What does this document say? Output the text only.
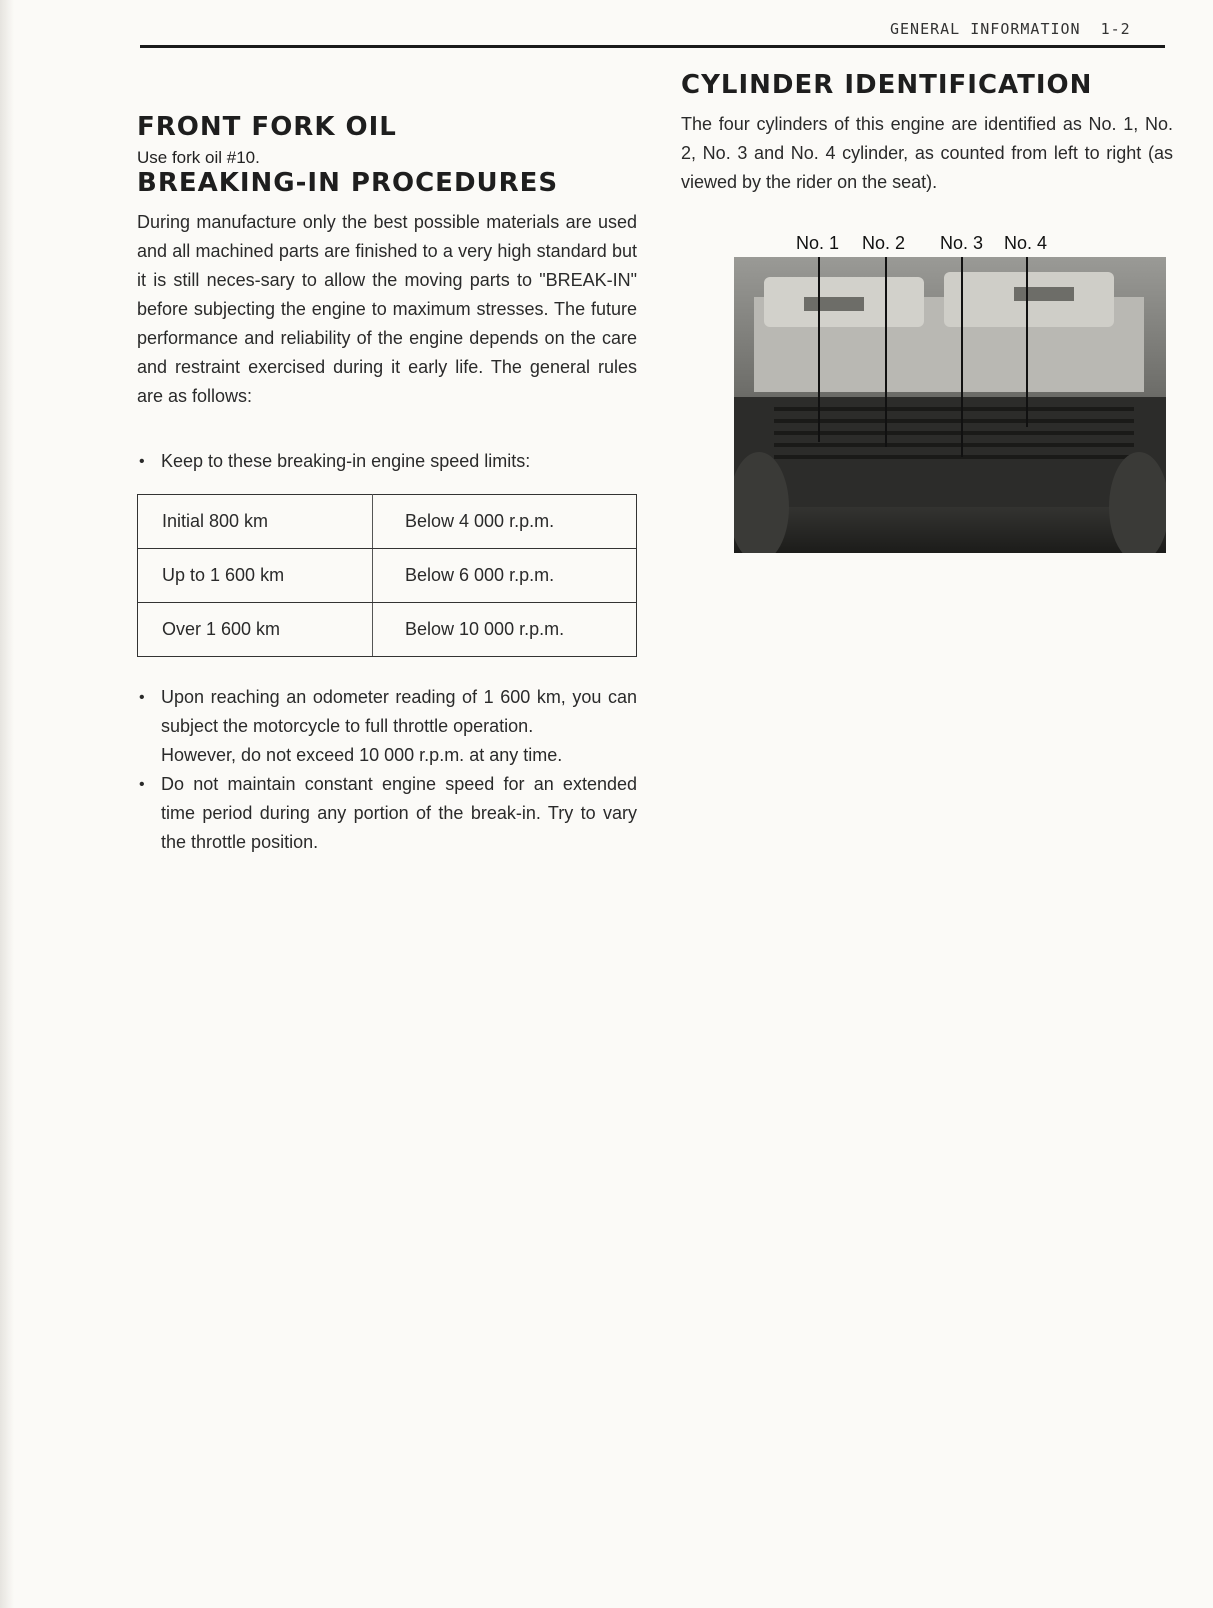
GENERAL INFORMATION 1-2
FRONT FORK OIL
Use fork oil #10.
BREAKING-IN PROCEDURES

During manufacture only the best possible materials are used and all machined parts are finished to a very high standard but it is still neces-sary to allow the moving parts to "BREAK-IN" before subjecting the engine to maximum stresses. The future performance and reliability of the engine depends on the care and restraint exercised during it early life. The general rules are as follows:

• Keep to these breaking-in engine speed limits:
Initial 800 km	Below 4 000 r.p.m.
Up to 1 600 km	Below 6 000 r.p.m.
Over 1 600 km	Below 10 000 r.p.m.
• Upon reaching an odometer reading of 1 600 km, you can subject the motorcycle to full throttle operation.
However, do not exceed 10 000 r.p.m. at any time.
• Do not maintain constant engine speed for an extended time period during any portion of the break-in. Try to vary the throttle position.
CYLINDER IDENTIFICATION

The four cylinders of this engine are identified as No. 1, No. 2, No. 3 and No. 4 cylinder, as counted from left to right (as viewed by the rider on the seat).

No. 1 No. 2 No. 3 No. 4
